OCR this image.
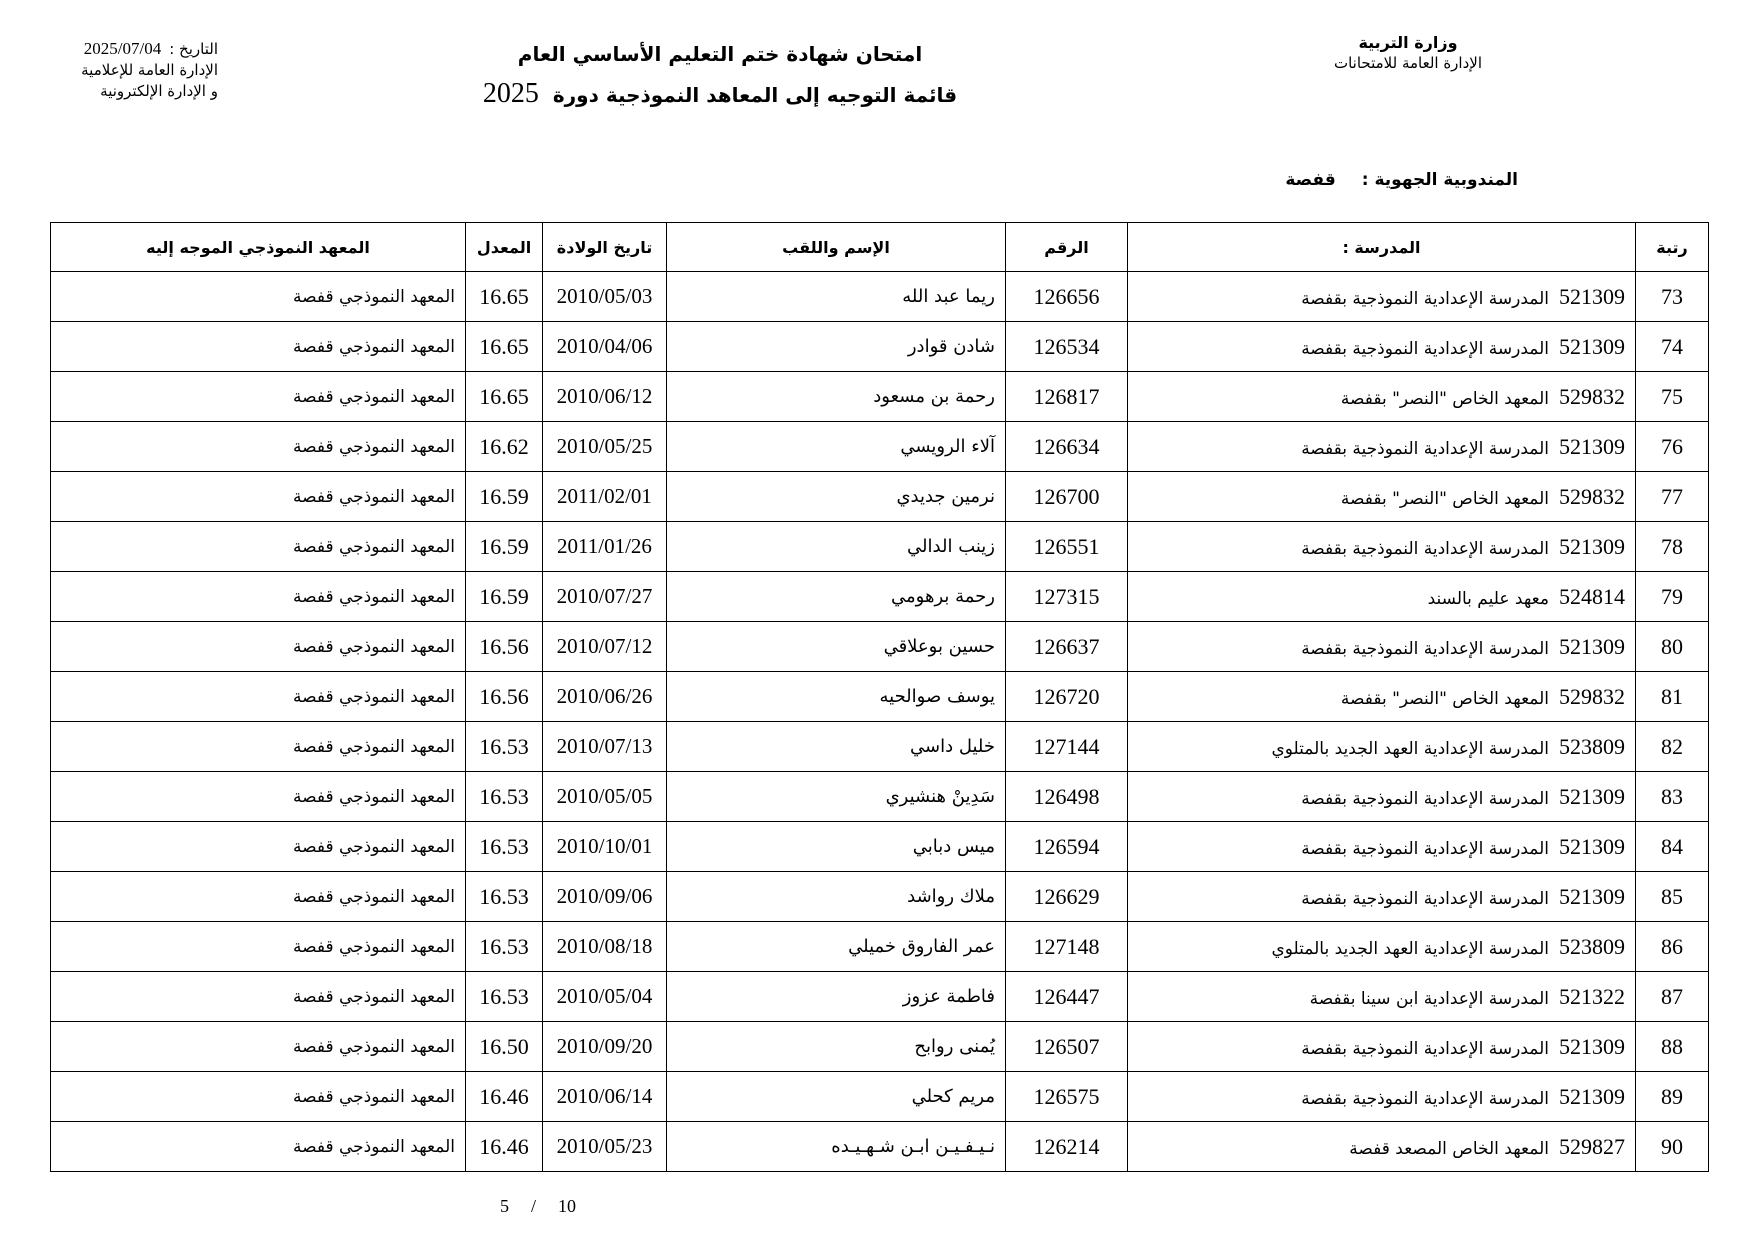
وزارة التربية
الإدارة العامة للامتحانات
التاريخ :2025/07/04
الإدارة العامة للإعلامية
و الإدارة الإلكترونية
امتحان شهادة ختم التعليم الأساسي العام
قائمة التوجيه إلى المعاهد النموذجية دورة2025
المندوبية الجهوية :قفصة
رتبة	المدرسة :	الرقم	الإسم واللقب	تاريخ الولادة	المعدل	المعهد النموذجي الموجه إليه
73	521309المدرسة الإعدادية النموذجية بقفصة	126656	ريما عبد الله	2010/05/03	16.65	المعهد النموذجي قفصة
74	521309المدرسة الإعدادية النموذجية بقفصة	126534	شادن قوادر	2010/04/06	16.65	المعهد النموذجي قفصة
75	529832المعهد الخاص "النصر" بقفصة	126817	رحمة بن مسعود	2010/06/12	16.65	المعهد النموذجي قفصة
76	521309المدرسة الإعدادية النموذجية بقفصة	126634	آلاء الرويسي	2010/05/25	16.62	المعهد النموذجي قفصة
77	529832المعهد الخاص "النصر" بقفصة	126700	نرمين جديدي	2011/02/01	16.59	المعهد النموذجي قفصة
78	521309المدرسة الإعدادية النموذجية بقفصة	126551	زينب الدالي	2011/01/26	16.59	المعهد النموذجي قفصة
79	524814معهد عليم بالسند	127315	رحمة برهومي	2010/07/27	16.59	المعهد النموذجي قفصة
80	521309المدرسة الإعدادية النموذجية بقفصة	126637	حسين بوعلاقي	2010/07/12	16.56	المعهد النموذجي قفصة
81	529832المعهد الخاص "النصر" بقفصة	126720	يوسف صوالحيه	2010/06/26	16.56	المعهد النموذجي قفصة
82	523809المدرسة الإعدادية العهد الجديد بالمتلوي	127144	خليل داسي	2010/07/13	16.53	المعهد النموذجي قفصة
83	521309المدرسة الإعدادية النموذجية بقفصة	126498	سَدِينْ هنشيري	2010/05/05	16.53	المعهد النموذجي قفصة
84	521309المدرسة الإعدادية النموذجية بقفصة	126594	ميس دبابي	2010/10/01	16.53	المعهد النموذجي قفصة
85	521309المدرسة الإعدادية النموذجية بقفصة	126629	ملاك رواشد	2010/09/06	16.53	المعهد النموذجي قفصة
86	523809المدرسة الإعدادية العهد الجديد بالمتلوي	127148	عمر الفاروق خميلي	2010/08/18	16.53	المعهد النموذجي قفصة
87	521322المدرسة الإعدادية ابن سينا بقفصة	126447	فاطمة عزوز	2010/05/04	16.53	المعهد النموذجي قفصة
88	521309المدرسة الإعدادية النموذجية بقفصة	126507	يُمنى روابح	2010/09/20	16.50	المعهد النموذجي قفصة
89	521309المدرسة الإعدادية النموذجية بقفصة	126575	مريم كحلي	2010/06/14	16.46	المعهد النموذجي قفصة
90	529827المعهد الخاص المصعد قفصة	126214	نـيـفـيـن ابـن شـهـيـده	2010/05/23	16.46	المعهد النموذجي قفصة
5 / 10
